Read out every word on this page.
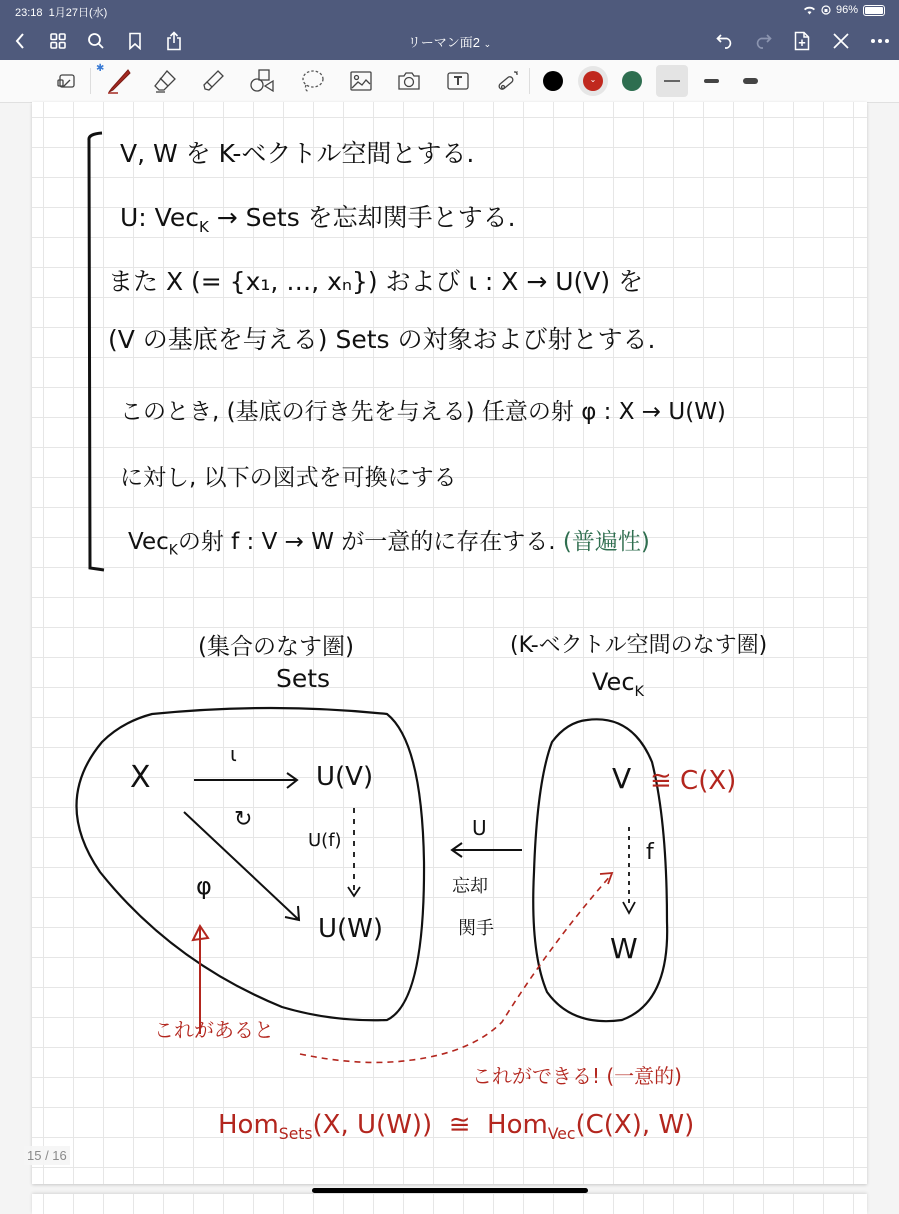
23:18 1月27日(水)	96%
リーマン面2 ⌄
✱
⌄
V, W を K-ベクトル空間とする.
U: Vec$_K$ → Sets を忘却関手とする.
また X (= {x₁, …, xₙ}) および ι : X → U(V) を
(V の基底を与える) Sets の対象および射とする.
このとき, (基底の行き先を与える) 任意の射 φ : X → U(W)
に対し, 以下の図式を可換にする
Vec$_K$の射 f : V → W が一意的に存在する. (普遍性)
(集合のなす圏)
Sets
(K-ベクトル空間のなす圏)
Vec$_K$
X
ι
U(V)
↻
U(f)
φ
U(W)
U
忘却
関手
V ≅ C(X)
f
W
これがあると
これができる! (一意的)
Hom$_{Sets}$(X, U(W)) ≅ Hom$_{Vec}$(C(X), W)
15 / 16
